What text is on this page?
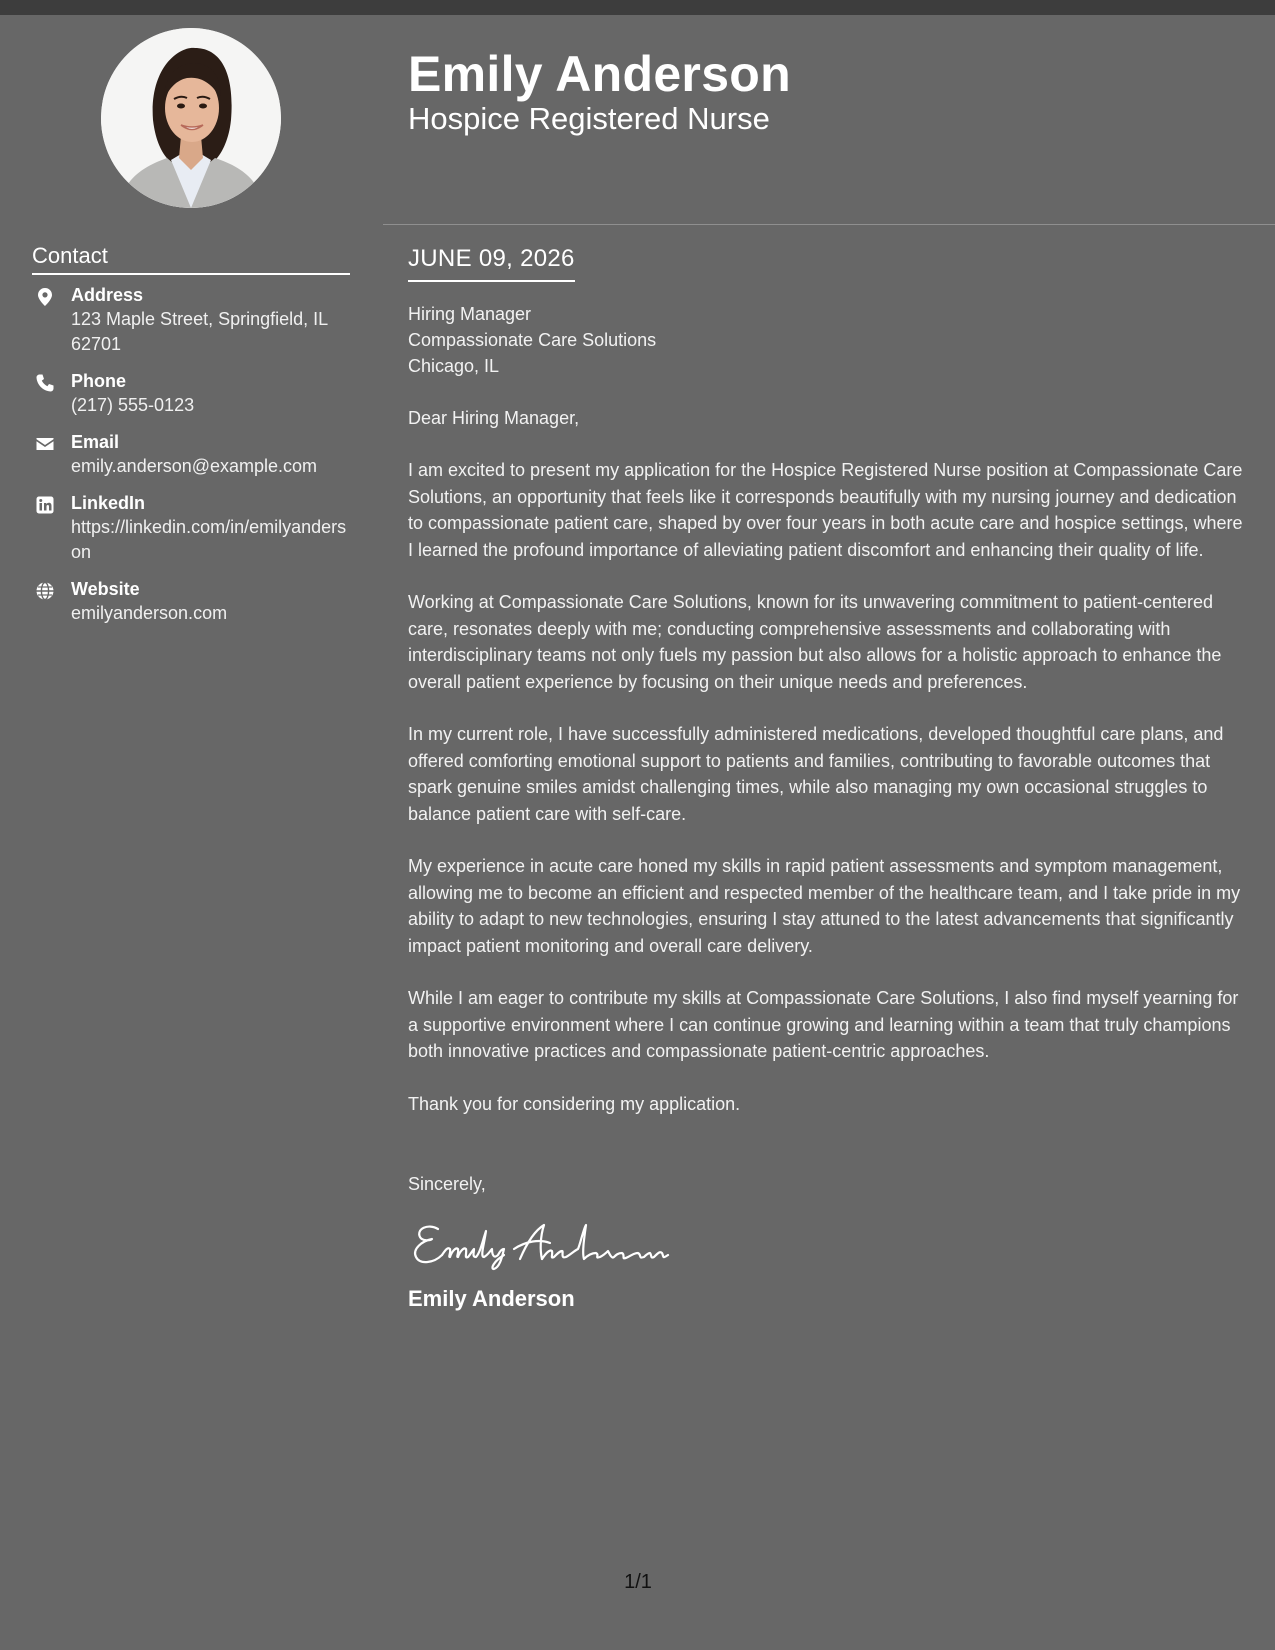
Contact
Address
123 Maple Street, Springfield, IL 62701
Phone
(217) 555-0123
Email
emily.anderson@example.com
LinkedIn
https://linkedin.com/in/emilyanderson
Website
emilyanderson.com
Emily Anderson
Hospice Registered Nurse
JUNE 09, 2026
Hiring Manager
Compassionate Care Solutions
Chicago, IL
Dear Hiring Manager,

I am excited to present my application for the Hospice Registered Nurse position at Compassionate Care Solutions, an opportunity that feels like it corresponds beautifully with my nursing journey and dedication to compassionate patient care, shaped by over four years in both acute care and hospice settings, where I learned the profound importance of alleviating patient discomfort and enhancing their quality of life.

Working at Compassionate Care Solutions, known for its unwavering commitment to patient-centered care, resonates deeply with me; conducting comprehensive assessments and collaborating with interdisciplinary teams not only fuels my passion but also allows for a holistic approach to enhance the overall patient experience by focusing on their unique needs and preferences.

In my current role, I have successfully administered medications, developed thoughtful care plans, and offered comforting emotional support to patients and families, contributing to favorable outcomes that spark genuine smiles amidst challenging times, while also managing my own occasional struggles to balance patient care with self-care.

My experience in acute care honed my skills in rapid patient assessments and symptom management, allowing me to become an efficient and respected member of the healthcare team, and I take pride in my ability to adapt to new technologies, ensuring I stay attuned to the latest advancements that significantly impact patient monitoring and overall care delivery.

While I am eager to contribute my skills at Compassionate Care Solutions, I also find myself yearning for a supportive environment where I can continue growing and learning within a team that truly champions both innovative practices and compassionate patient-centric approaches.

Thank you for considering my application.

Sincerely,
Emily Anderson
1/1
